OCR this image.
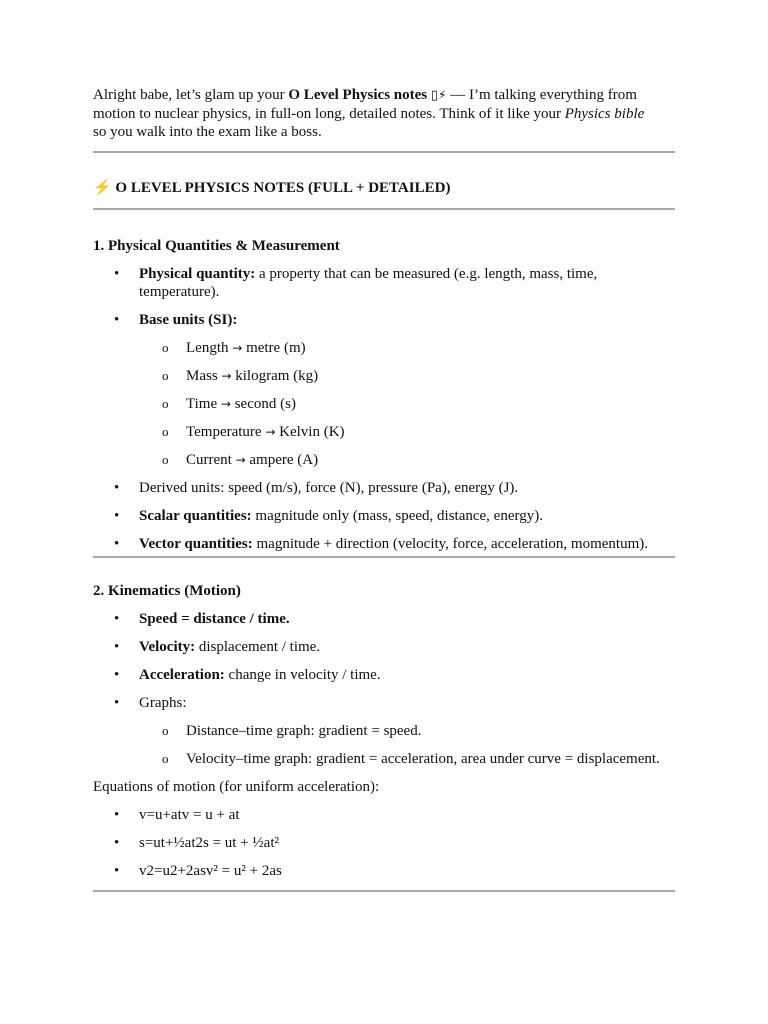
Alright babe, let’s glam up your O Level Physics notes ▯⚡ — I’m talking everything from motion to nuclear physics, in full-on long, detailed notes. Think of it like your Physics bible
so you walk into the exam like a boss.

⚡ O LEVEL PHYSICS NOTES (FULL + DETAILED)

1. Physical Quantities & Measurement

• Physical quantity: a property that can be measured (e.g. length, mass, time, temperature).
• Base units (SI):
o Length → metre (m)
o Mass → kilogram (kg)
o Time → second (s)
o Temperature → Kelvin (K)
o Current → ampere (A)
• Derived units: speed (m/s), force (N), pressure (Pa), energy (J).
• Scalar quantities: magnitude only (mass, speed, distance, energy).
• Vector quantities: magnitude + direction (velocity, force, acceleration, momentum).

2. Kinematics (Motion)

• Speed = distance / time.
• Velocity: displacement / time.
• Acceleration: change in velocity / time.
• Graphs:
o Distance–time graph: gradient = speed.
o Velocity–time graph: gradient = acceleration, area under curve = displacement.

Equations of motion (for uniform acceleration):

• v=u+atv = u + at
• s=ut+½at2s = ut + ½at²
• v2=u2+2asv² = u² + 2as
